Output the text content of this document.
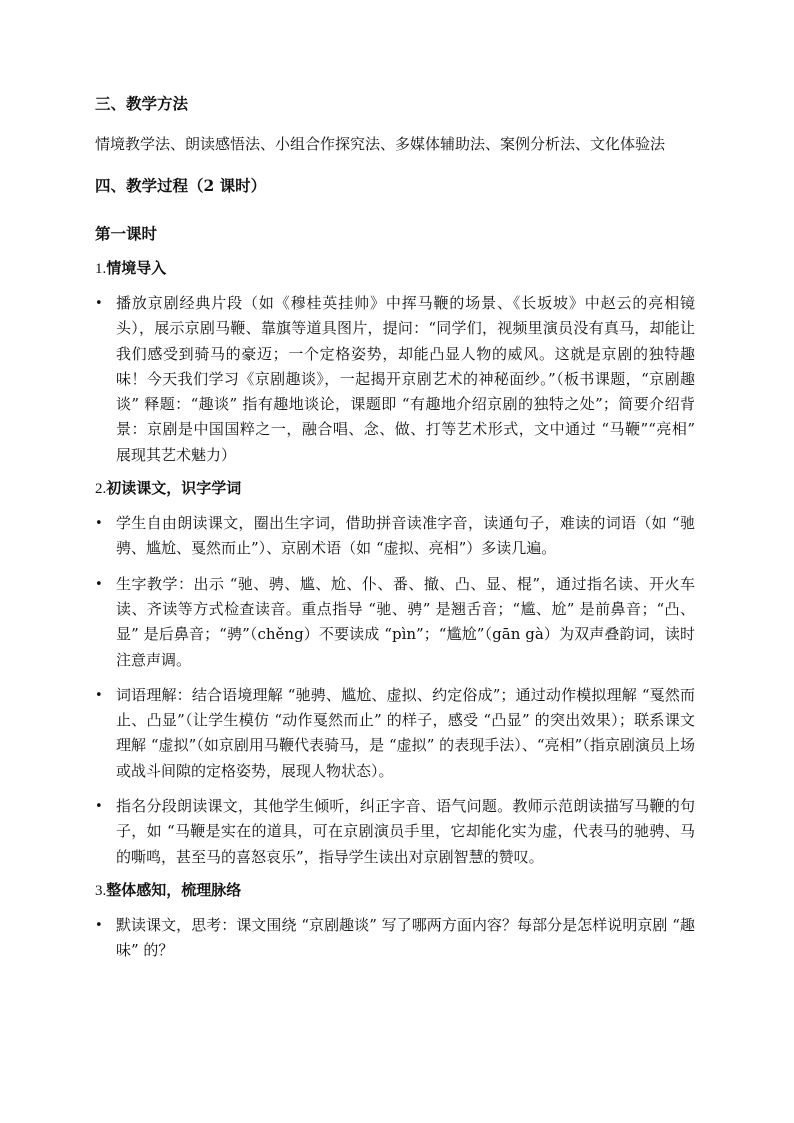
三、教学方法

情境教学法、朗读感悟法、小组合作探究法、多媒体辅助法、案例分析法、文化体验法

四、教学过程（2 课时）

第一课时

1.情境导入

• 播放京剧经典片段（如《穆桂英挂帅》中挥马鞭的场景、《长坂坡》中赵云的亮相镜头），展示京剧马鞭、靠旗等道具图片，提问：“同学们，视频里演员没有真马，却能让我们感受到骑马的豪迈；一个定格姿势，却能凸显人物的威风。这就是京剧的独特趣味！今天我们学习《京剧趣谈》，一起揭开京剧艺术的神秘面纱。”（板书课题，“京剧趣谈” 释题：“趣谈” 指有趣地谈论，课题即 “有趣地介绍京剧的独特之处”；简要介绍背景：京剧是中国国粹之一，融合唱、念、做、打等艺术形式，文中通过 “马鞭”“亮相” 展现其艺术魅力）

2.初读课文，识字学词

• 学生自由朗读课文，圈出生字词，借助拼音读准字音，读通句子，难读的词语（如 “驰骋、尴尬、戛然而止”）、京剧术语（如 “虚拟、亮相”）多读几遍。
• 生字教学：出示 “驰、骋、尴、尬、仆、番、撤、凸、显、棍”，通过指名读、开火车读、齐读等方式检查读音。重点指导 “驰、骋” 是翘舌音；“尴、尬” 是前鼻音；“凸、显” 是后鼻音；“骋”（chěng）不要读成 “pìn”；“尴尬”（gān gà）为双声叠韵词，读时注意声调。
• 词语理解：结合语境理解 “驰骋、尴尬、虚拟、约定俗成”；通过动作模拟理解 “戛然而止、凸显”（让学生模仿 “动作戛然而止” 的样子，感受 “凸显” 的突出效果）；联系课文理解 “虚拟”（如京剧用马鞭代表骑马，是 “虚拟” 的表现手法）、“亮相”（指京剧演员上场或战斗间隙的定格姿势，展现人物状态）。
• 指名分段朗读课文，其他学生倾听，纠正字音、语气问题。教师示范朗读描写马鞭的句子，如 “马鞭是实在的道具，可在京剧演员手里，它却能化实为虚，代表马的驰骋、马的嘶鸣，甚至马的喜怒哀乐”，指导学生读出对京剧智慧的赞叹。

3.整体感知，梳理脉络

• 默读课文，思考：课文围绕 “京剧趣谈” 写了哪两方面内容？每部分是怎样说明京剧 “趣味” 的？
